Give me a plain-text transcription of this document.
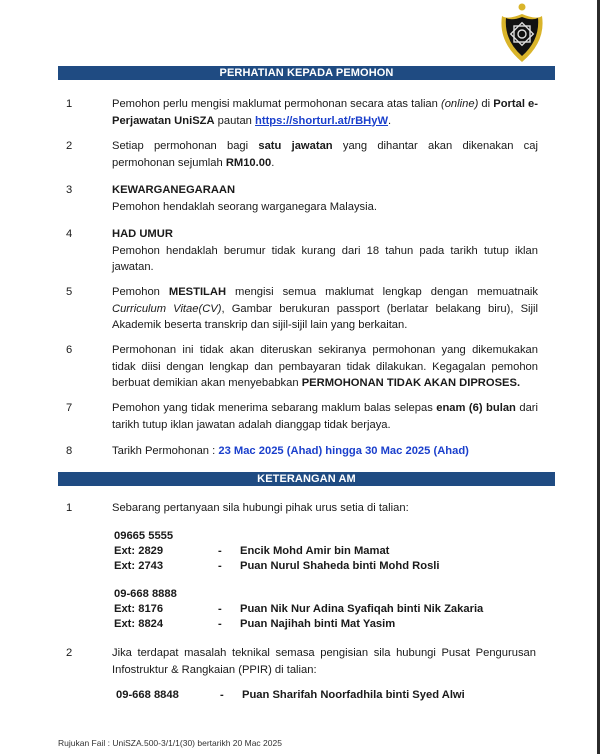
PERHATIAN KEPADA PEMOHON
1	Pemohon perlu mengisi maklumat permohonan secara atas talian (online) di Portal e-Perjawatan UniSZA pautan https://shorturl.at/rBHyW.
2	Setiap permohonan bagi satu jawatan yang dihantar akan dikenakan caj permohonan sejumlah RM10.00.
3	KEWARGANEGARAAN
Pemohon hendaklah seorang warganegara Malaysia.
4	HAD UMUR
Pemohon hendaklah berumur tidak kurang dari 18 tahun pada tarikh tutup iklan jawatan.
5	Pemohon MESTILAH mengisi semua maklumat lengkap dengan memuatnaik Curriculum Vitae(CV), Gambar berukuran passport (berlatar belakang biru), Sijil Akademik beserta transkrip dan sijil-sijil lain yang berkaitan.
6	Permohonan ini tidak akan diteruskan sekiranya permohonan yang dikemukakan tidak diisi dengan lengkap dan pembayaran tidak dilakukan. Kegagalan pemohon berbuat demikian akan menyebabkan PERMOHONAN TIDAK AKAN DIPROSES.
7	Pemohon yang tidak menerima sebarang maklum balas selepas enam (6) bulan dari tarikh tutup iklan jawatan adalah dianggap tidak berjaya.
8	Tarikh Permohonan : 23 Mac 2025 (Ahad) hingga 30 Mac 2025 (Ahad)
KETERANGAN AM
1	Sebarang pertanyaan sila hubungi pihak urus setia di talian:
09665 5555
Ext: 2829	- Encik Mohd Amir bin Mamat
Ext: 2743	- Puan Nurul Shaheda binti Mohd Rosli
09-668 8888
Ext: 8176	- Puan Nik Nur Adina Syafiqah binti Nik Zakaria
Ext: 8824	- Puan Najihah binti Mat Yasim
2	Jika terdapat masalah teknikal semasa pengisian sila hubungi Pusat Pengurusan Infostruktur & Rangkaian (PPIR) di talian:
09-668 8848	- Puan Sharifah Noorfadhila binti Syed Alwi
Rujukan Fail : UniSZA.500-3/1/1(30) bertarikh 20 Mac 2025
